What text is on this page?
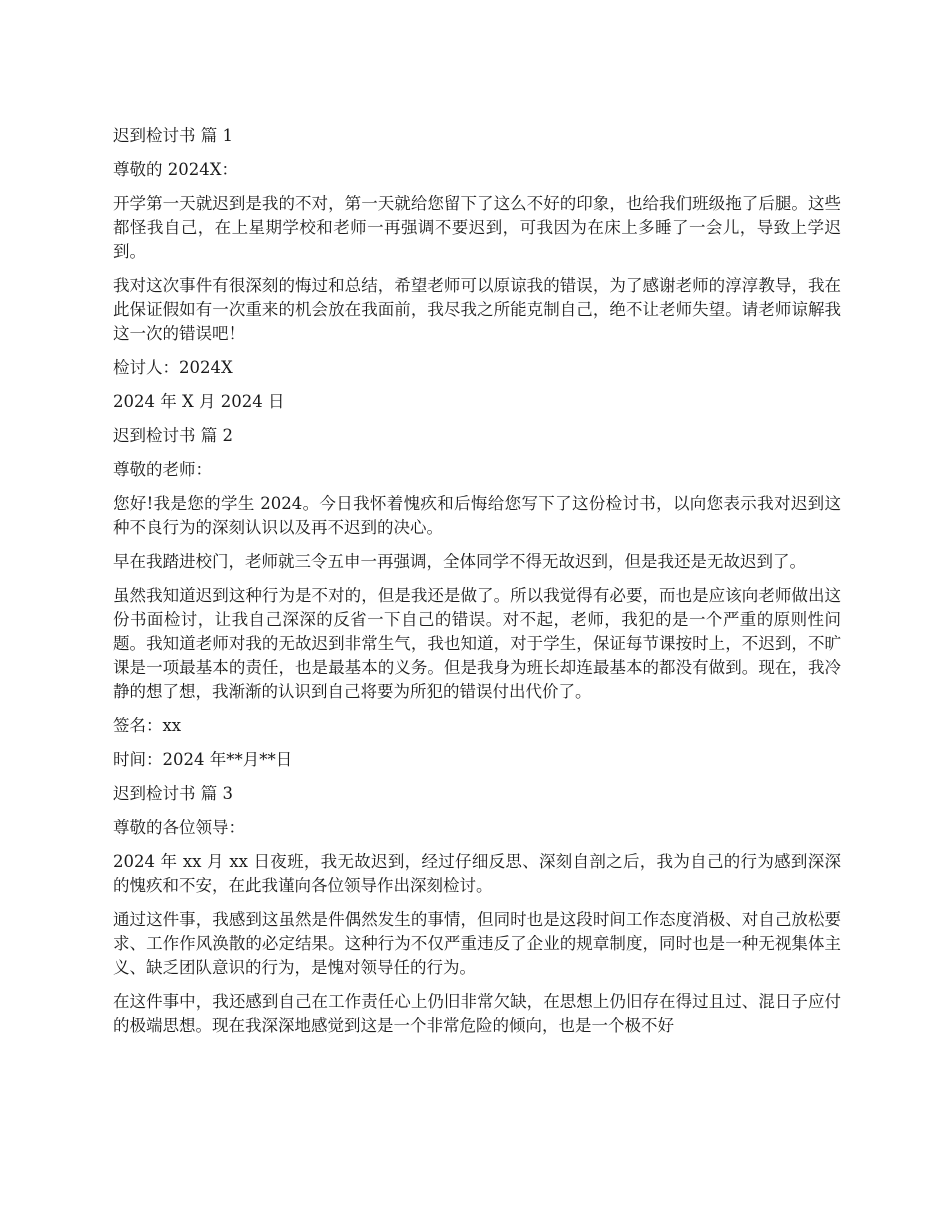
迟到检讨书 篇 1

尊敬的 2024X：

开学第一天就迟到是我的不对，第一天就给您留下了这么不好的印象，也给我们班级拖了后腿。这些都怪我自己，在上星期学校和老师一再强调不要迟到，可我因为在床上多睡了一会儿，导致上学迟到。

我对这次事件有很深刻的悔过和总结，希望老师可以原谅我的错误，为了感谢老师的淳淳教导，我在此保证假如有一次重来的机会放在我面前，我尽我之所能克制自己，绝不让老师失望。请老师谅解我这一次的错误吧！

检讨人：2024X

2024 年 X 月 2024 日

迟到检讨书 篇 2

尊敬的老师：

您好!我是您的学生 2024。今日我怀着愧疚和后悔给您写下了这份检讨书，以向您表示我对迟到这种不良行为的深刻认识以及再不迟到的决心。

早在我踏进校门，老师就三令五申一再强调，全体同学不得无故迟到，但是我还是无故迟到了。

虽然我知道迟到这种行为是不对的，但是我还是做了。所以我觉得有必要，而也是应该向老师做出这份书面检讨，让我自己深深的反省一下自己的错误。对不起，老师，我犯的是一个严重的原则性问题。我知道老师对我的无故迟到非常生气，我也知道，对于学生，保证每节课按时上，不迟到，不旷课是一项最基本的责任，也是最基本的义务。但是我身为班长却连最基本的都没有做到。现在，我冷静的想了想，我渐渐的认识到自己将要为所犯的错误付出代价了。

签名：xx

时间：2024 年**月**日

迟到检讨书 篇 3

尊敬的各位领导：

2024 年 xx 月 xx 日夜班，我无故迟到，经过仔细反思、深刻自剖之后，我为自己的行为感到深深的愧疚和不安，在此我谨向各位领导作出深刻检讨。

通过这件事，我感到这虽然是件偶然发生的事情，但同时也是这段时间工作态度消极、对自己放松要求、工作作风涣散的必定结果。这种行为不仅严重违反了企业的规章制度，同时也是一种无视集体主义、缺乏团队意识的行为，是愧对领导任的行为。

在这件事中，我还感到自己在工作责任心上仍旧非常欠缺，在思想上仍旧存在得过且过、混日子应付的极端思想。现在我深深地感觉到这是一个非常危险的倾向，也是一个极不好
